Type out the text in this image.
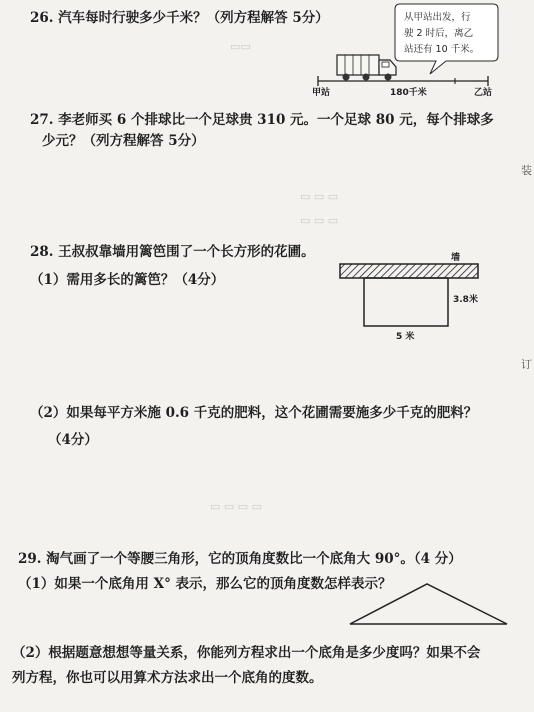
26. 汽车每时行驶多少千米？（列方程解答 5分）	从甲站出发，行
驶 2 时后，离乙
站还有 10 千米。
甲站	180千米	乙站
▭▭
▭ ▭ ▭
▭ ▭ ▭
▭ ▭ ▭ ▭
27. 李老师买 6 个排球比一个足球贵 310 元。一个足球 80 元，每个排球多
少元？（列方程解答 5分）
28. 王叔叔靠墙用篱笆围了一个长方形的花圃。
（1）需用多长的篱笆？（4分）
墙
3.8米
5 米
（2）如果每平方米施 0.6 千克的肥料，这个花圃需要施多少千克的肥料？
（4分）
29. 淘气画了一个等腰三角形，它的顶角度数比一个底角大 90°。（4 分）
（1）如果一个底角用 X° 表示，那么它的顶角度数怎样表示？
（2）根据题意想想等量关系，你能列方程求出一个底角是多少度吗？如果不会
列方程，你也可以用算术方法求出一个底角的度数。
装
订
